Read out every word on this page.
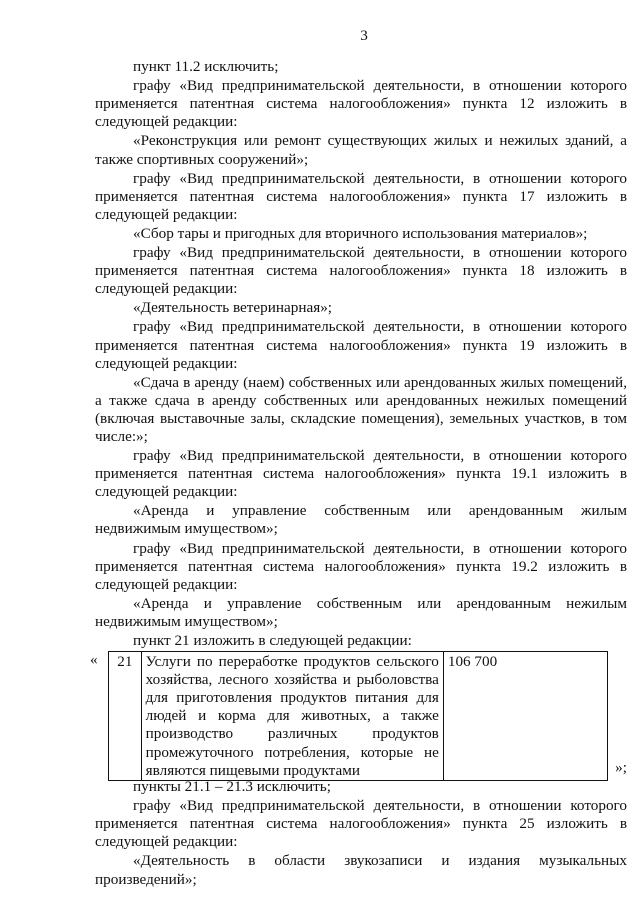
3

пункт 11.2 исключить;

графу «Вид предпринимательской деятельности, в отношении которого применяется патентная система налогообложения» пункта 12 изложить в следующей редакции:

«Реконструкция или ремонт существующих жилых и нежилых зданий, а также спортивных сооружений»;

графу «Вид предпринимательской деятельности, в отношении которого применяется патентная система налогообложения» пункта 17 изложить в следующей редакции:

«Сбор тары и пригодных для вторичного использования материалов»;

графу «Вид предпринимательской деятельности, в отношении которого применяется патентная система налогообложения» пункта 18 изложить в следующей редакции:

«Деятельность ветеринарная»;

графу «Вид предпринимательской деятельности, в отношении которого применяется патентная система налогообложения» пункта 19 изложить в следующей редакции:

«Сдача в аренду (наем) собственных или арендованных жилых помещений, а также сдача в аренду собственных или арендованных нежилых помещений (включая выставочные залы, складские помещения), земельных участков, в том числе:»;

графу «Вид предпринимательской деятельности, в отношении которого применяется патентная система налогообложения» пункта 19.1 изложить в следующей редакции:

«Аренда и управление собственным или арендованным жилым недвижимым имуществом»;

графу «Вид предпринимательской деятельности, в отношении которого применяется патентная система налогообложения» пункта 19.2 изложить в следующей редакции:

«Аренда и управление собственным или арендованным нежилым недвижимым имуществом»;

пункт 21 изложить в следующей редакции:

« 21	Услуги по переработке продуктов сельского хозяйства, лесного хозяйства и рыболовства для приготовления продуктов питания для людей и корма для животных, а также производство различных продуктов промежуточного потребления, которые не являются пищевыми продуктами	106 700
»;

пункты 21.1 – 21.3 исключить;

графу «Вид предпринимательской деятельности, в отношении которого применяется патентная система налогообложения» пункта 25 изложить в следующей редакции:

«Деятельность в области звукозаписи и издания музыкальных произведений»;
